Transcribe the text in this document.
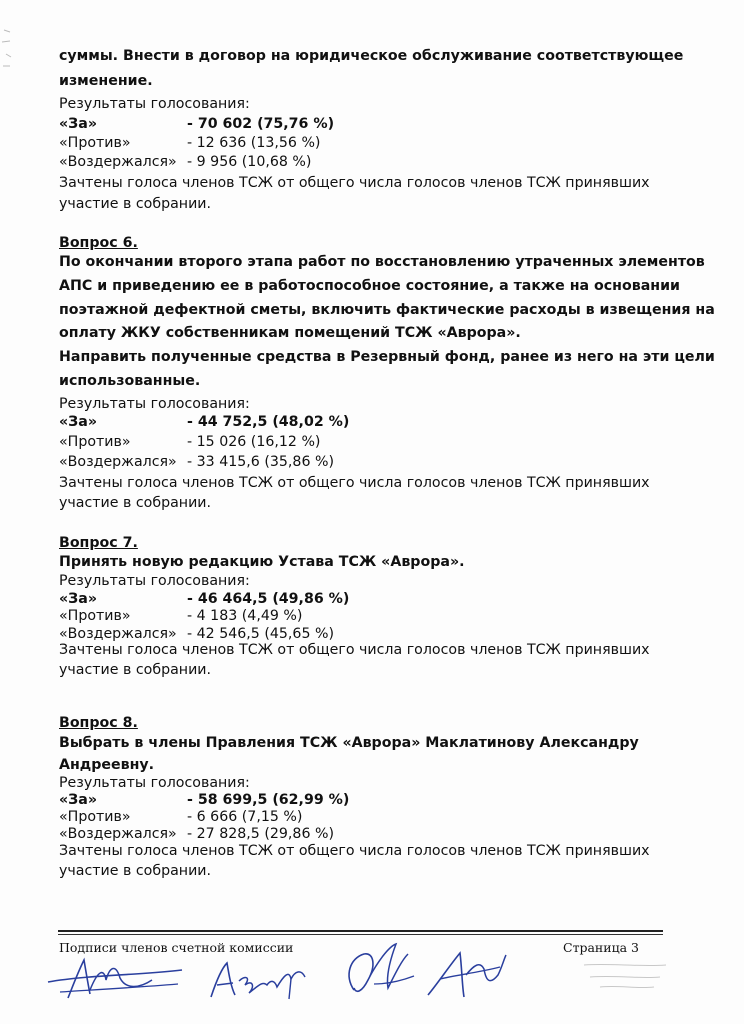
суммы. Внести в договор на юридическое обслуживание соответствующее
изменение.
Результаты голосования:
«За»	- 70 602 (75,76 %)
«Против»	- 12 636 (13,56 %)
«Воздержался» - 9 956 (10,68 %)
Зачтены голоса членов ТСЖ от общего числа голосов членов ТСЖ принявших
участие в собрании.
Вопрос 6.
По окончании второго этапа работ по восстановлению утраченных элементов
АПС и приведению ее в работоспособное состояние, а также на основании
поэтажной дефектной сметы, включить фактические расходы в извещения на
оплату ЖКУ собственникам помещений ТСЖ «Аврора».
Направить полученные средства в Резервный фонд, ранее из него на эти цели
использованные.
Результаты голосования:
«За»	- 44 752,5 (48,02 %)
«Против»	- 15 026 (16,12 %)
«Воздержался» - 33 415,6 (35,86 %)
Зачтены голоса членов ТСЖ от общего числа голосов членов ТСЖ принявших
участие в собрании.
Вопрос 7.
Принять новую редакцию Устава ТСЖ «Аврора».
Результаты голосования:
«За»	- 46 464,5 (49,86 %)
«Против»	- 4 183 (4,49 %)
«Воздержался» - 42 546,5 (45,65 %)
Зачтены голоса членов ТСЖ от общего числа голосов членов ТСЖ принявших
участие в собрании.
Вопрос 8.
Выбрать в члены Правления ТСЖ «Аврора» Маклатинову Александру
Андреевну.
Результаты голосования:
«За»	- 58 699,5 (62,99 %)
«Против»	- 6 666 (7,15 %)
«Воздержался» - 27 828,5 (29,86 %)
Зачтены голоса членов ТСЖ от общего числа голосов членов ТСЖ принявших
участие в собрании.
Подписи членов счетной комиссии	Страница 3
